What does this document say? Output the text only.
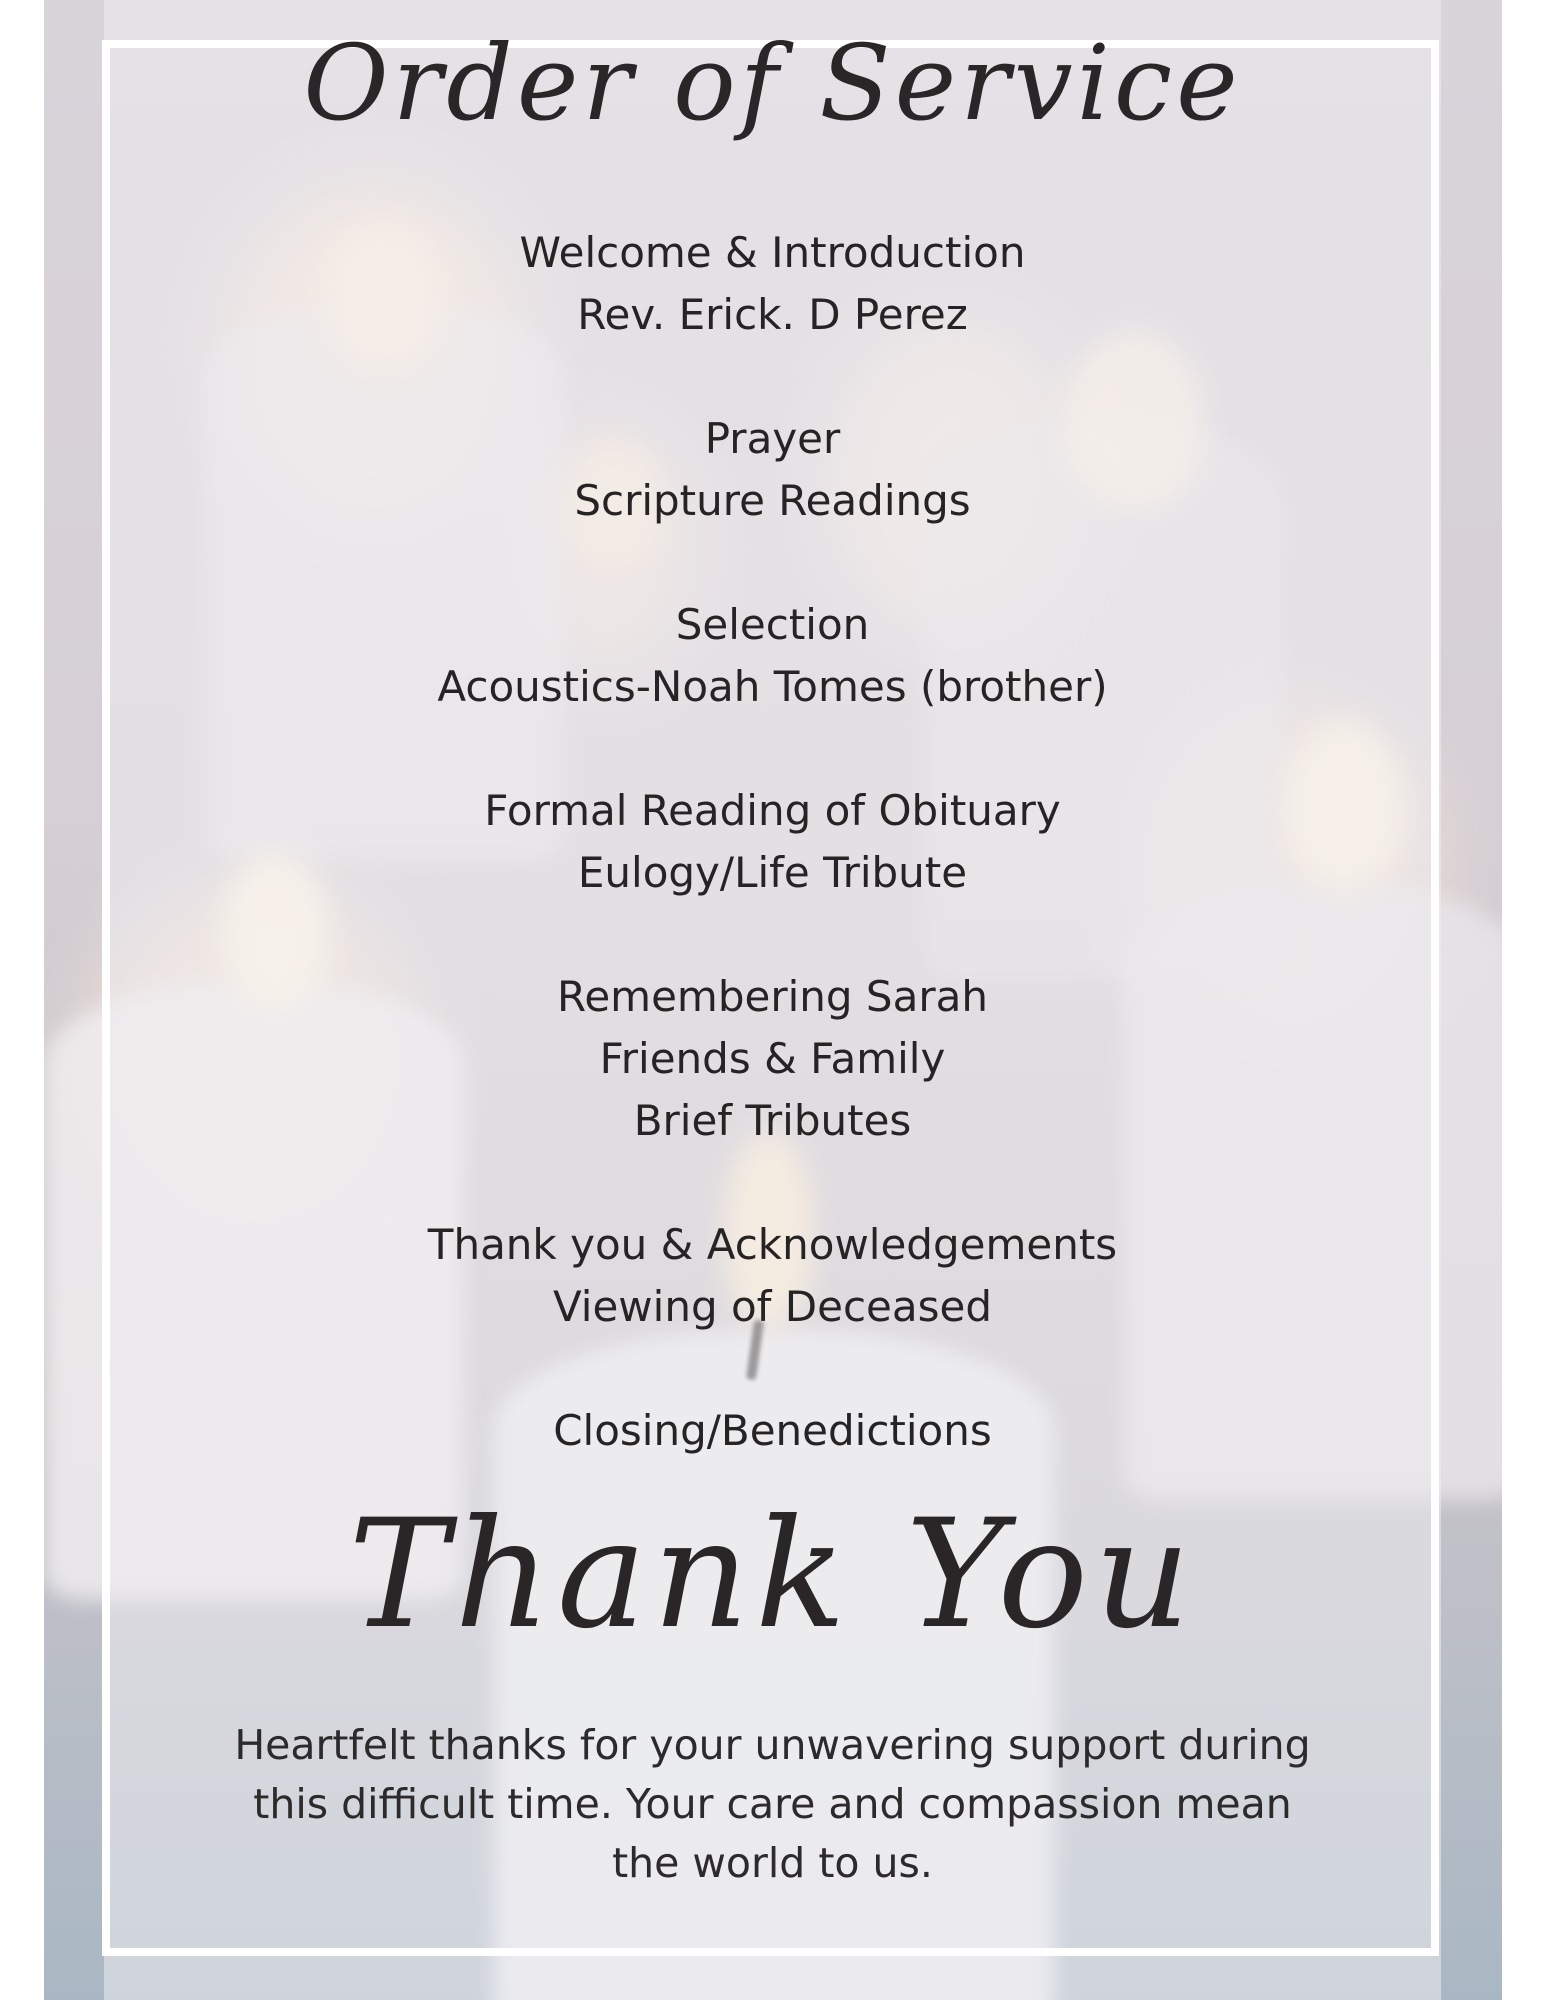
Order of Service
Welcome & Introduction
Rev. Erick. D Perez
Prayer
Scripture Readings
Selection
Acoustics-Noah Tomes (brother)
Formal Reading of Obituary
Eulogy/Life Tribute
Remembering Sarah
Friends & Family
Brief Tributes
Thank you & Acknowledgements
Viewing of Deceased
Closing/Benedictions
Thank You
Heartfelt thanks for your unwavering support during this difficult time. Your care and compassion mean the world to us.
